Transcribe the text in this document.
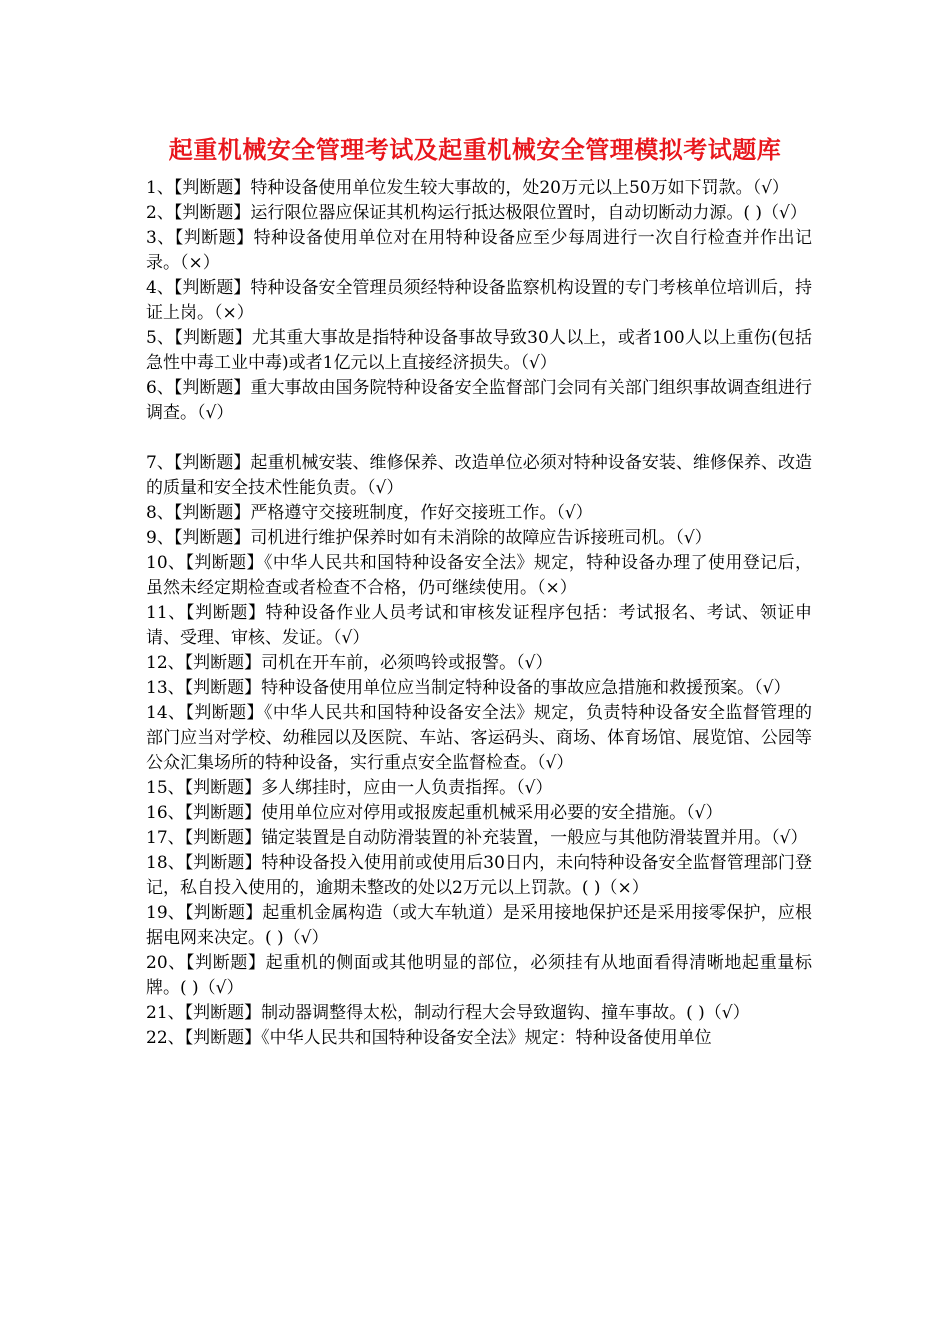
起重机械安全管理考试及起重机械安全管理模拟考试题库
1、【判断题】特种设备使用单位发生较大事故的，处20万元以上50万如下罚款。（√）
2、【判断题】运行限位器应保证其机构运行抵达极限位置时，自动切断动力源。( )（√）
3、【判断题】特种设备使用单位对在用特种设备应至少每周进行一次自行检查并作出记录。（×）
4、【判断题】特种设备安全管理员须经特种设备监察机构设置的专门考核单位培训后，持证上岗。（×）
5、【判断题】尤其重大事故是指特种设备事故导致30人以上，或者100人以上重伤(包括急性中毒工业中毒)或者1亿元以上直接经济损失。（√）
6、【判断题】重大事故由国务院特种设备安全监督部门会同有关部门组织事故调查组进行调查。（√）
7、【判断题】起重机械安装、维修保养、改造单位必须对特种设备安装、维修保养、改造的质量和安全技术性能负责。（√）
8、【判断题】严格遵守交接班制度，作好交接班工作。（√）
9、【判断题】司机进行维护保养时如有未消除的故障应告诉接班司机。（√）
10、【判断题】《中华人民共和国特种设备安全法》规定，特种设备办理了使用登记后，虽然未经定期检查或者检查不合格，仍可继续使用。（×）
11、【判断题】特种设备作业人员考试和审核发证程序包括：考试报名、考试、领证申请、受理、审核、发证。（√）
12、【判断题】司机在开车前，必须鸣铃或报警。（√）
13、【判断题】特种设备使用单位应当制定特种设备的事故应急措施和救援预案。（√）
14、【判断题】《中华人民共和国特种设备安全法》规定，负责特种设备安全监督管理的部门应当对学校、幼稚园以及医院、车站、客运码头、商场、体育场馆、展览馆、公园等公众汇集场所的特种设备，实行重点安全监督检查。（√）
15、【判断题】多人绑挂时，应由一人负责指挥。（√）
16、【判断题】使用单位应对停用或报废起重机械采用必要的安全措施。（√）
17、【判断题】锚定装置是自动防滑装置的补充装置，一般应与其他防滑装置并用。（√）
18、【判断题】特种设备投入使用前或使用后30日内，未向特种设备安全监督管理部门登记，私自投入使用的，逾期未整改的处以2万元以上罚款。( )（×）
19、【判断题】起重机金属构造（或大车轨道）是采用接地保护还是采用接零保护，应根据电网来决定。( )（√）
20、【判断题】起重机的侧面或其他明显的部位，必须挂有从地面看得清晰地起重量标牌。( )（√）
21、【判断题】制动器调整得太松，制动行程大会导致遛钩、撞车事故。( )（√）
22、【判断题】《中华人民共和国特种设备安全法》规定：特种设备使用单位
